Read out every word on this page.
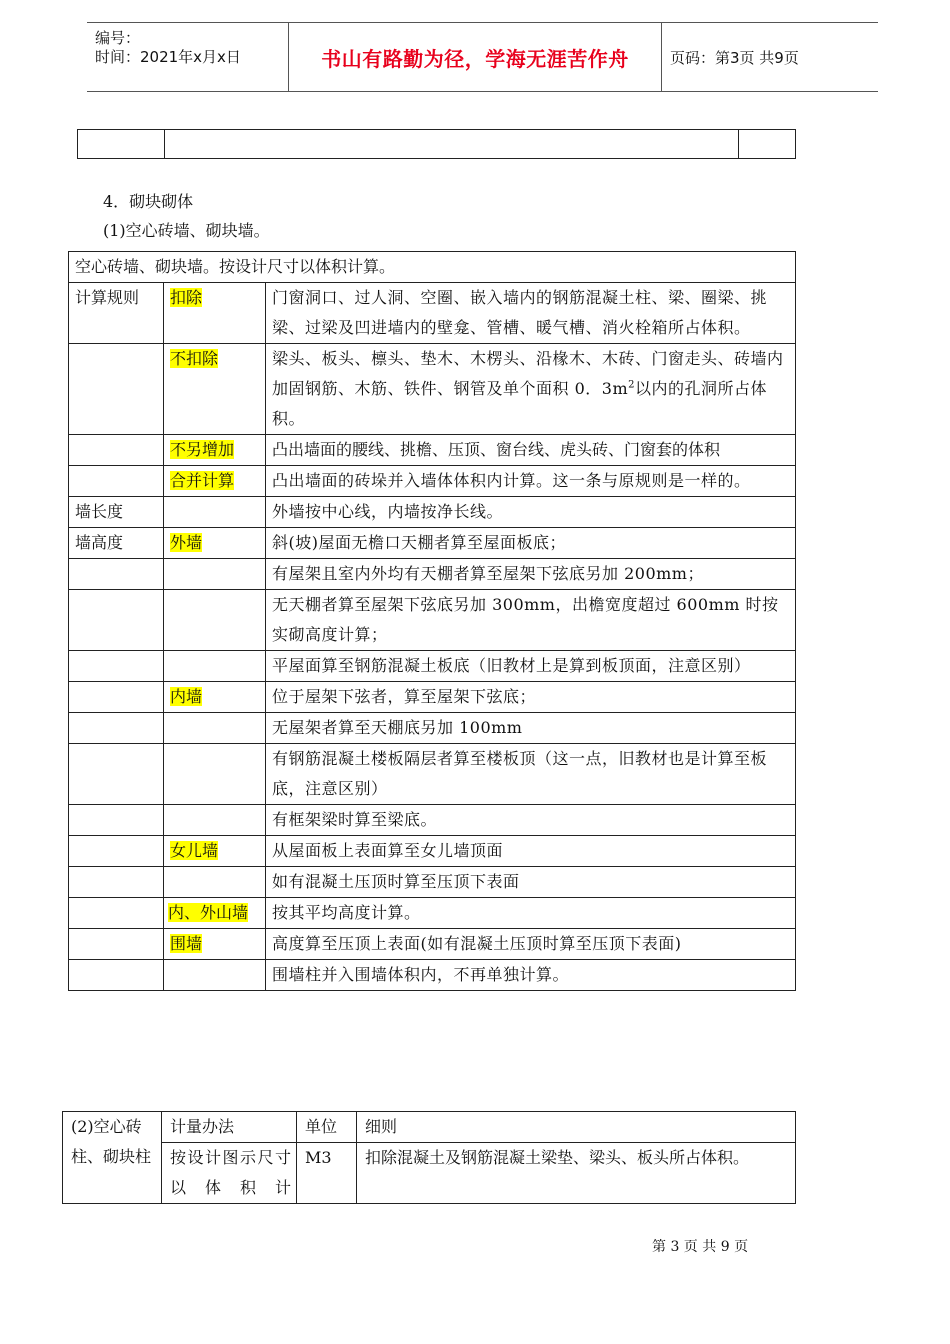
编号：
时间：2021年x月x日	书山有路勤为径，学海无涯苦作舟	页码：第3页 共9页

4．砌块砌体
(1)空心砖墙、砌块墙。
空心砖墙、砌块墙。按设计尺寸以体积计算。		
计算规则	扣除	门窗洞口、过人洞、空圈、嵌入墙内的钢筋混凝土柱、梁、圈梁、挑梁、过梁及凹进墙内的壁龛、管槽、暖气槽、消火栓箱所占体积。
	不扣除	梁头、板头、檩头、垫木、木楞头、沿椽木、木砖、门窗走头、砖墙内加固钢筋、木筋、铁件、钢管及单个面积 0．$3m^2$以内的孔洞所占体积。
	不另增加	凸出墙面的腰线、挑檐、压顶、窗台线、虎头砖、门窗套的体积
	合并计算	凸出墙面的砖垛并入墙体体积内计算。这一条与原规则是一样的。
墙长度		外墙按中心线，内墙按净长线。
墙高度	外墙	斜(坡)屋面无檐口天棚者算至屋面板底；
		有屋架且室内外均有天棚者算至屋架下弦底另加 200mm；
		无天棚者算至屋架下弦底另加 300mm，出檐宽度超过 600mm 时按实砌高度计算；
		平屋面算至钢筋混凝土板底（旧教材上是算到板顶面，注意区别）
	内墙	位于屋架下弦者，算至屋架下弦底；
		无屋架者算至天棚底另加 100mm
		有钢筋混凝土楼板隔层者算至楼板顶（这一点，旧教材也是计算至板底，注意区别）
		有框架梁时算至梁底。
	女儿墙	从屋面板上表面算至女儿墙顶面
		如有混凝土压顶时算至压顶下表面
	内、外山墙	按其平均高度计算。
	围墙	高度算至压顶上表面(如有混凝土压顶时算至压顶下表面)
		围墙柱并入围墙体积内，不再单独计算。
(2)空心砖柱、砌块柱	计量办法	单位	细则
	按设计图示尺寸以体积计	M3	扣除混凝土及钢筋混凝土梁垫、梁头、板头所占体积。
第 3 页 共 9 页
